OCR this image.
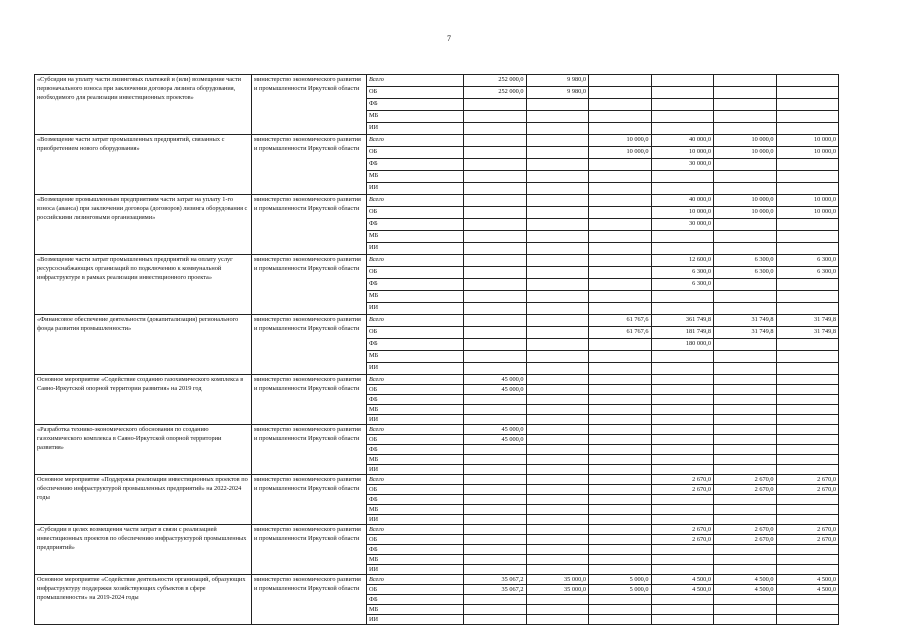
7
«Субсидия на уплату части лизинговых платежей и (или) возмещение части первоначального взноса при заключении договора лизинга оборудования, необходимого для реализации инвестиционных проектов»	министерство экономического развития и промышленности Иркутской области	Всего	252 000,0	9 980,0				
		ОБ	252 000,0	9 980,0				
		ФБ						
		МБ						
		ИИ						
«Возмещение части затрат промышленных предприятий, связанных с приобретением нового оборудования»	министерство экономического развития и промышленности Иркутской области	Всего			10 000,0	40 000,0	10 000,0	10 000,0
		ОБ			10 000,0	10 000,0	10 000,0	10 000,0
		ФБ				30 000,0		
		МБ						
		ИИ						
«Возмещение промышленным предприятиям части затрат на уплату 1-го взноса (аванса) при заключении договора (договоров) лизинга оборудования с российскими лизинговыми организациями»	министерство экономического развития и промышленности Иркутской области	Всего				40 000,0	10 000,0	10 000,0
		ОБ				10 000,0	10 000,0	10 000,0
		ФБ				30 000,0		
		МБ						
		ИИ						
«Возмещение части затрат промышленных предприятий на оплату услуг ресурсоснабжающих организаций по подключению к коммунальной инфраструктуре в рамках реализации инвестиционного проекта»	министерство экономического развития и промышленности Иркутской области	Всего				12 600,0	6 300,0	6 300,0
		ОБ				6 300,0	6 300,0	6 300,0
		ФБ				6 300,0		
		МБ						
		ИИ						
«Финансовое обеспечение деятельности (докапитализация) регионального фонда развития промышленности»	министерство экономического развития и промышленности Иркутской области	Всего			61 767,6	361 749,8	31 749,8	31 749,8
		ОБ			61 767,6	181 749,8	31 749,8	31 749,8
		ФБ				180 000,0		
		МБ						
		ИИ						
Основное мероприятие «Содействие созданию газохимического комплекса в Саяно-Иркутской опорной территории развития» на 2019 год	министерство экономического развития и промышленности Иркутской области	Всего	45 000,0					
		ОБ	45 000,0					
		ФБ						
		МБ						
		ИИ						
«Разработка технико-экономического обоснования по созданию газохимического комплекса в Саяно-Иркутской опорной территории развития»	министерство экономического развития и промышленности Иркутской области	Всего	45 000,0					
		ОБ	45 000,0					
		ФБ						
		МБ						
		ИИ						
Основное мероприятие «Поддержка реализации инвестиционных проектов по обеспечению инфраструктурой промышленных предприятий» на 2022-2024 годы	министерство экономического развития и промышленности Иркутской области	Всего				2 670,0	2 670,0	2 670,0
		ОБ				2 670,0	2 670,0	2 670,0
		ФБ						
		МБ						
		ИИ						
«Субсидии в целях возмещения части затрат в связи с реализацией инвестиционных проектов по обеспечению инфраструктурой промышленных предприятий»	министерство экономического развития и промышленности Иркутской области	Всего				2 670,0	2 670,0	2 670,0
		ОБ				2 670,0	2 670,0	2 670,0
		ФБ						
		МБ						
		ИИ						
Основное мероприятие «Содействие деятельности организаций, образующих инфраструктуру поддержки хозяйствующих субъектов в сфере промышленности» на 2019-2024 годы	министерство экономического развития и промышленности Иркутской области	Всего	35 067,2	35 000,0	5 000,0	4 500,0	4 500,0	4 500,0
		ОБ	35 067,2	35 000,0	5 000,0	4 500,0	4 500,0	4 500,0
		ФБ						
		МБ						
		ИИ						
